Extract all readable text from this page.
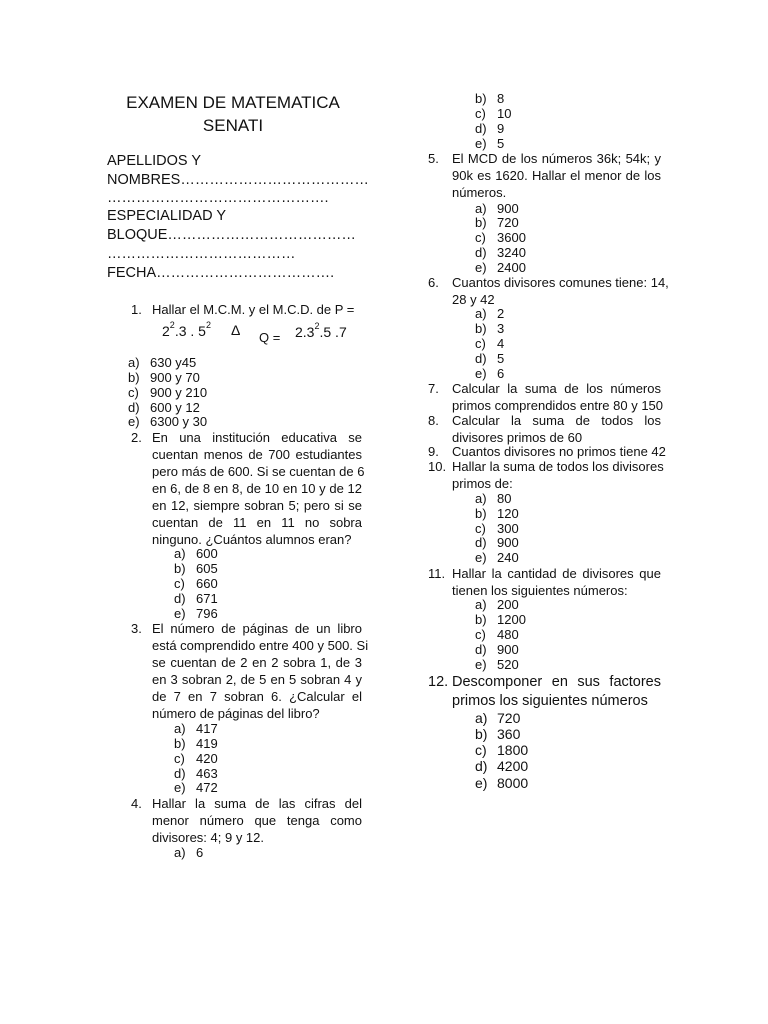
EXAMEN DE MATEMATICA
SENATI
APELLIDOS Y
NOMBRES…………………………………
……………………………………….
ESPECIALIDAD Y
BLOQUE…………………………………
…………………………………
FECHA……………………………….
1. Hallar el M.C.M. y el M.C.D. de P =
$2^2.3$ . $5^2$ Δ $Q = 2.3^2.5$ .7
a) 630 y45
b) 900 y 70
c) 900 y 210
d) 600 y 12
e) 6300 y 30
2. En una institución educativa se
cuentan menos de 700 estudiantes
pero más de 600. Si se cuentan de 6
en 6, de 8 en 8, de 10 en 10 y de 12
en 12, siempre sobran 5; pero si se
cuentan de 11 en 11 no sobra
ninguno. ¿Cuántos alumnos eran?
a) 600
b) 605
c) 660
d) 671
e) 796
3. El número de páginas de un libro
está comprendido entre 400 y 500. Si
se cuentan de 2 en 2 sobra 1, de 3
en 3 sobran 2, de 5 en 5 sobran 4 y
de 7 en 7 sobran 6. ¿Calcular el
número de páginas del libro?
a) 417
b) 419
c) 420
d) 463
e) 472
4. Hallar la suma de las cifras del
menor número que tenga como
divisores: 4; 9 y 12.
a) 6
b) 8
c) 10
d) 9
e) 5
5. El MCD de los números 36k; 54k; y
90k es 1620. Hallar el menor de los
números.
a) 900
b) 720
c) 3600
d) 3240
e) 2400
6. Cuantos divisores comunes tiene: 14,
28 y 42
a) 2
b) 3
c) 4
d) 5
e) 6
7. Calcular la suma de los números
primos comprendidos entre 80 y 150
8. Calcular la suma de todos los
divisores primos de 60
9. Cuantos divisores no primos tiene 42
10. Hallar la suma de todos los divisores
primos de:
a) 80
b) 120
c) 300
d) 900
e) 240
11. Hallar la cantidad de divisores que
tienen los siguientes números:
a) 200
b) 1200
c) 480
d) 900
e) 520
12. Descomponer en sus factores
primos los siguientes números
a) 720
b) 360
c) 1800
d) 4200
e) 8000
